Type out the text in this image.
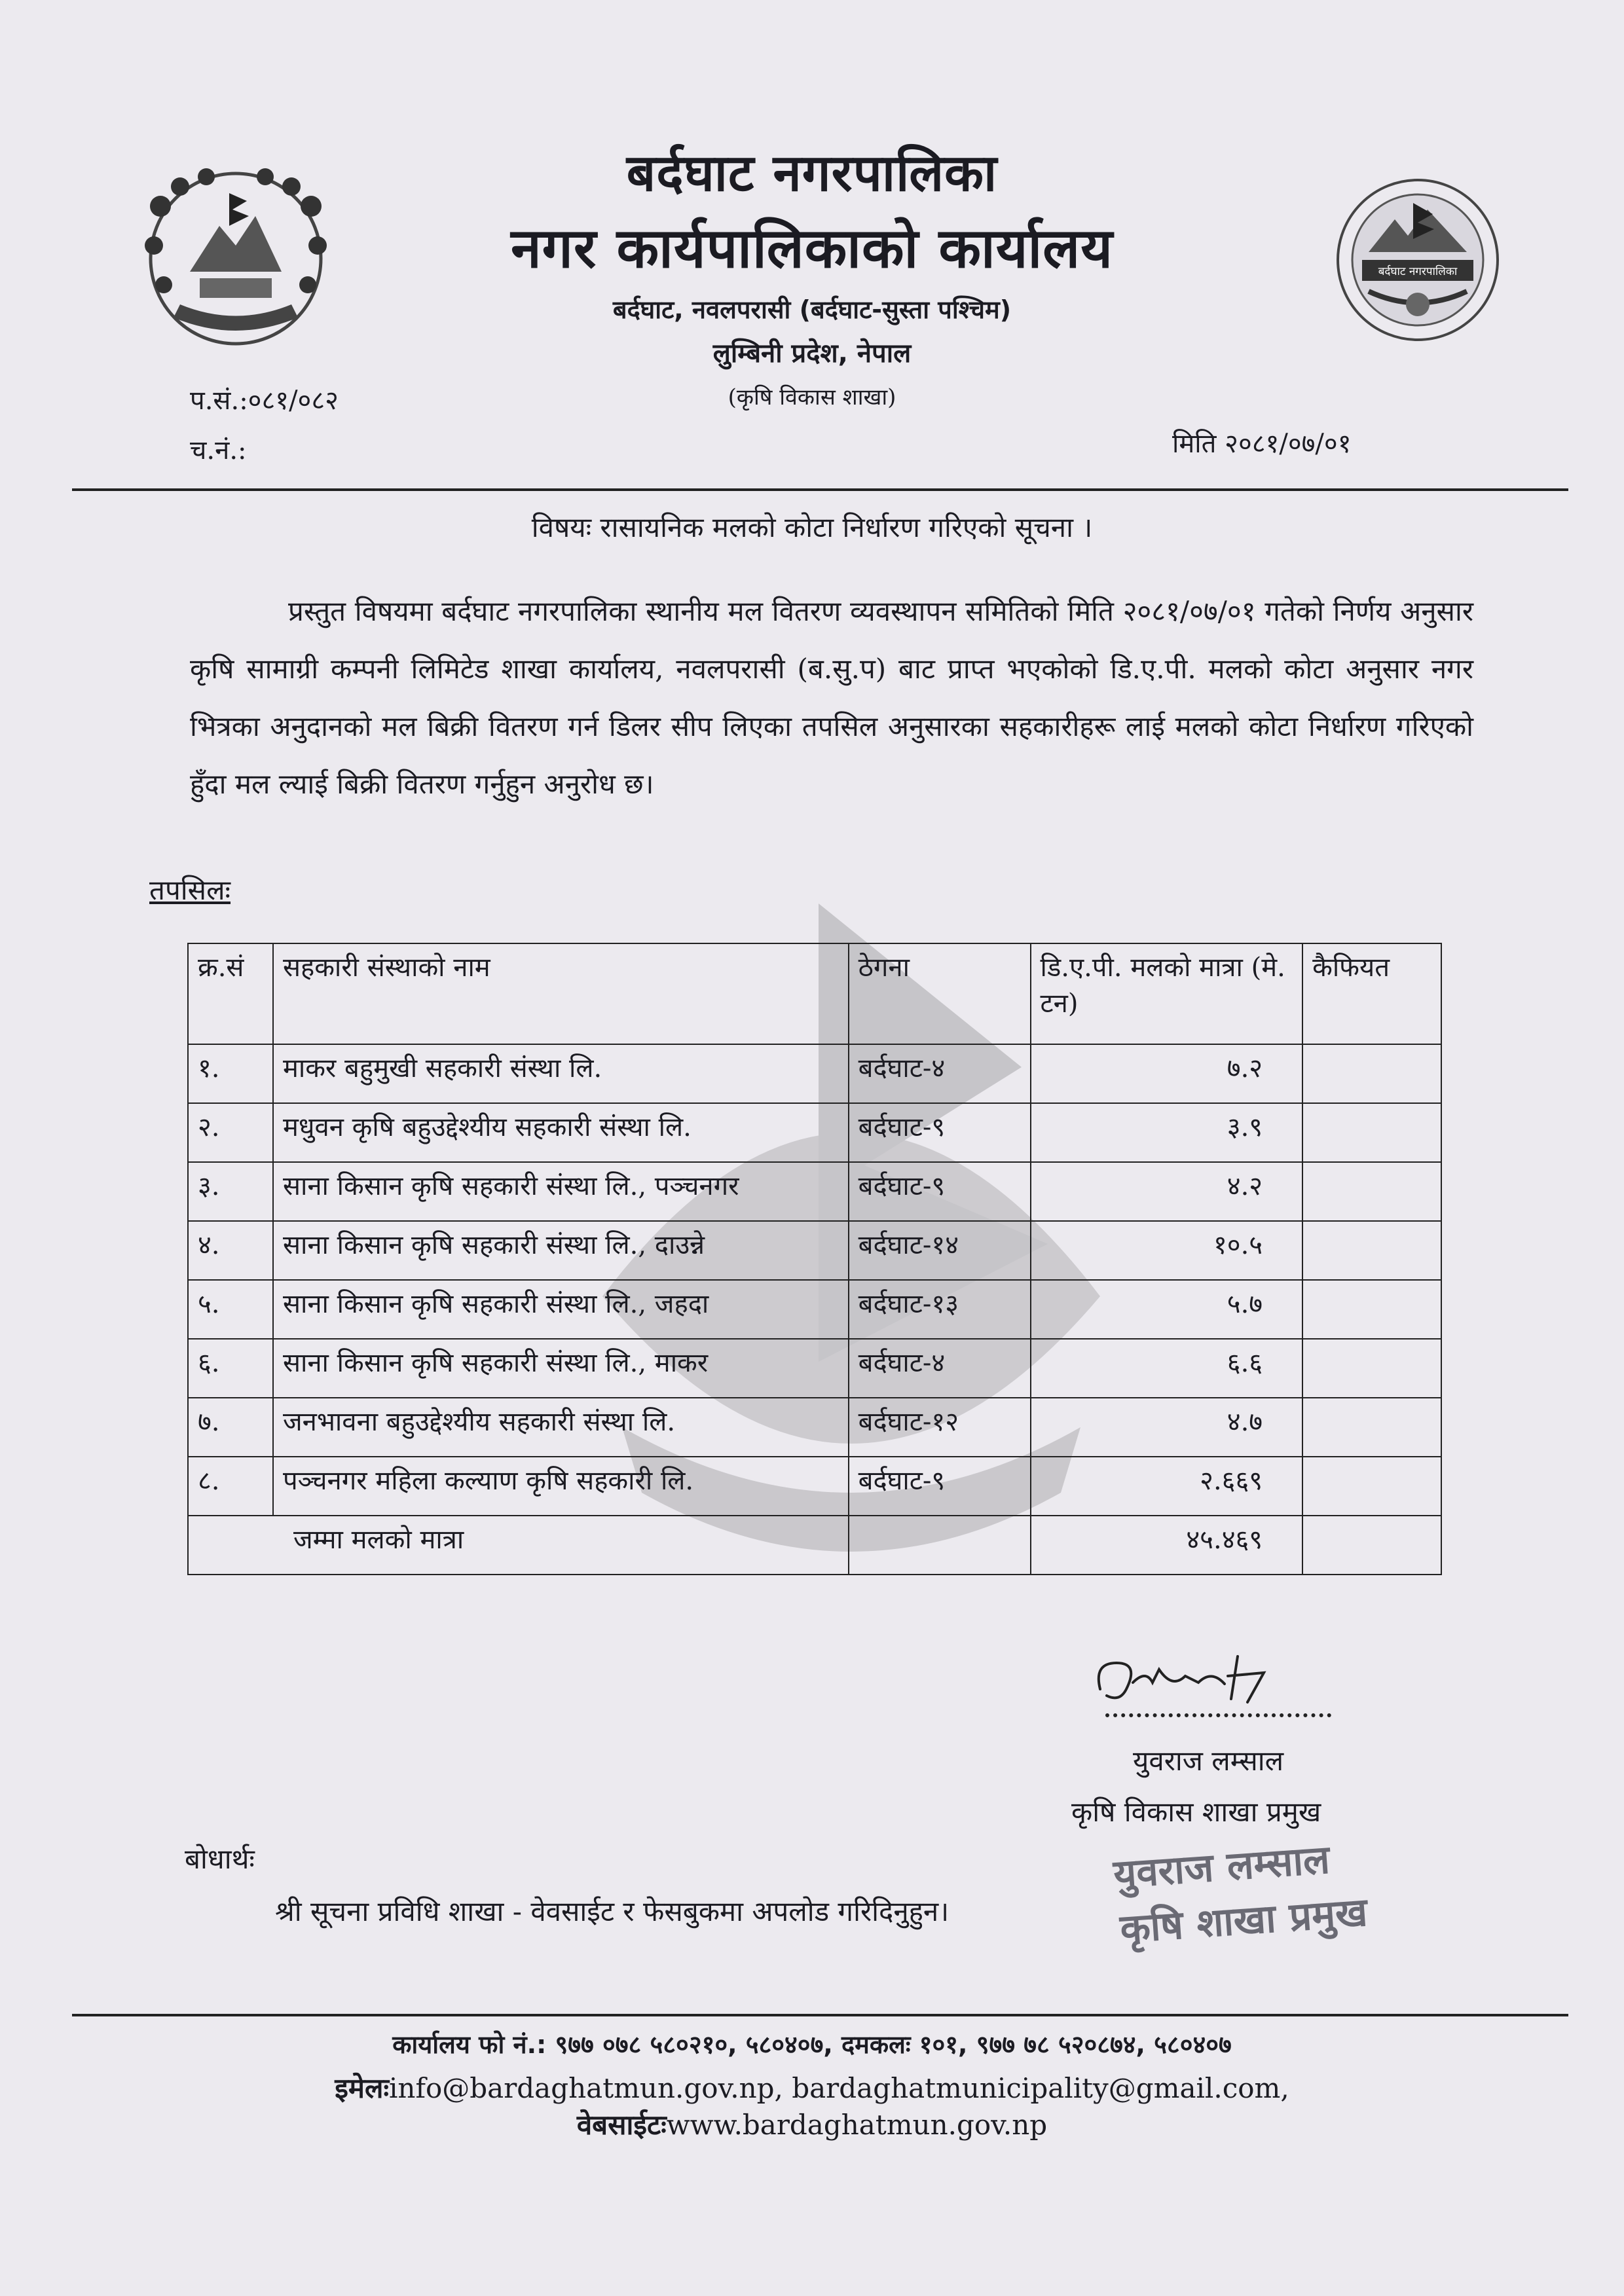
बर्दघाट नगरपालिका
बर्दघाट नगरपालिका
नगर कार्यपालिकाको कार्यालय
बर्दघाट, नवलपरासी (बर्दघाट-सुस्ता पश्चिम)
लुम्बिनी प्रदेश, नेपाल
(कृषि विकास शाखा)
प.सं.:०८१/०८२
च.नं.:	मिति २०८१/०७/०१
विषयः रासायनिक मलको कोटा निर्धारण गरिएको सूचना ।
प्रस्तुत विषयमा बर्दघाट नगरपालिका स्थानीय मल वितरण व्यवस्थापन समितिको मिति २०८१/०७/०१ गतेको निर्णय अनुसार कृषि सामाग्री कम्पनी लिमिटेड शाखा कार्यालय, नवलपरासी (ब.सु.प) बाट प्राप्त भएकोको डि.ए.पी. मलको कोटा अनुसार नगर भित्रका अनुदानको मल बिक्री वितरण गर्न डिलर सीप लिएका तपसिल अनुसारका सहकारीहरू लाई मलको कोटा निर्धारण गरिएको हुँदा मल ल्याई बिक्री वितरण गर्नुहुन अनुरोध छ।
तपसिलः
क्र.सं	सहकारी संस्थाको नाम	ठेगना	डि.ए.पी. मलको मात्रा (मे. टन)	कैफियत
१.	माकर बहुमुखी सहकारी संस्था लि.	बर्दघाट-४	७.२	
२.	मधुवन कृषि बहुउद्देश्यीय सहकारी संस्था लि.	बर्दघाट-९	३.९	
३.	साना किसान कृषि सहकारी संस्था लि., पञ्चनगर	बर्दघाट-९	४.२	
४.	साना किसान कृषि सहकारी संस्था लि., दाउन्ने	बर्दघाट-१४	१०.५	
५.	साना किसान कृषि सहकारी संस्था लि., जहदा	बर्दघाट-१३	५.७	
६.	साना किसान कृषि सहकारी संस्था लि., माकर	बर्दघाट-४	६.६	
७.	जनभावना बहुउद्देश्यीय सहकारी संस्था लि.	बर्दघाट-१२	४.७	
८.	पञ्चनगर महिला कल्याण कृषि सहकारी लि.	बर्दघाट-९	२.६६९	
जम्मा मलको मात्रा			४५.४६९	
युवराज लम्साल
कृषि विकास शाखा प्रमुख
युवराज लम्साल
कृषि शाखा प्रमुख
बोधार्थः
श्री सूचना प्रविधि शाखा - वेवसाईट र फेसबुकमा अपलोड गरिदिनुहुन।
कार्यालय फो नं.: ९७७ ०७८ ५८०२१०, ५८०४०७, दमकलः १०१, ९७७ ७८ ५२०८७४, ५८०४०७
इमेलःinfo@bardaghatmun.gov.np, bardaghatmunicipality@gmail.com,
वेबसाईटःwww.bardaghatmun.gov.np
